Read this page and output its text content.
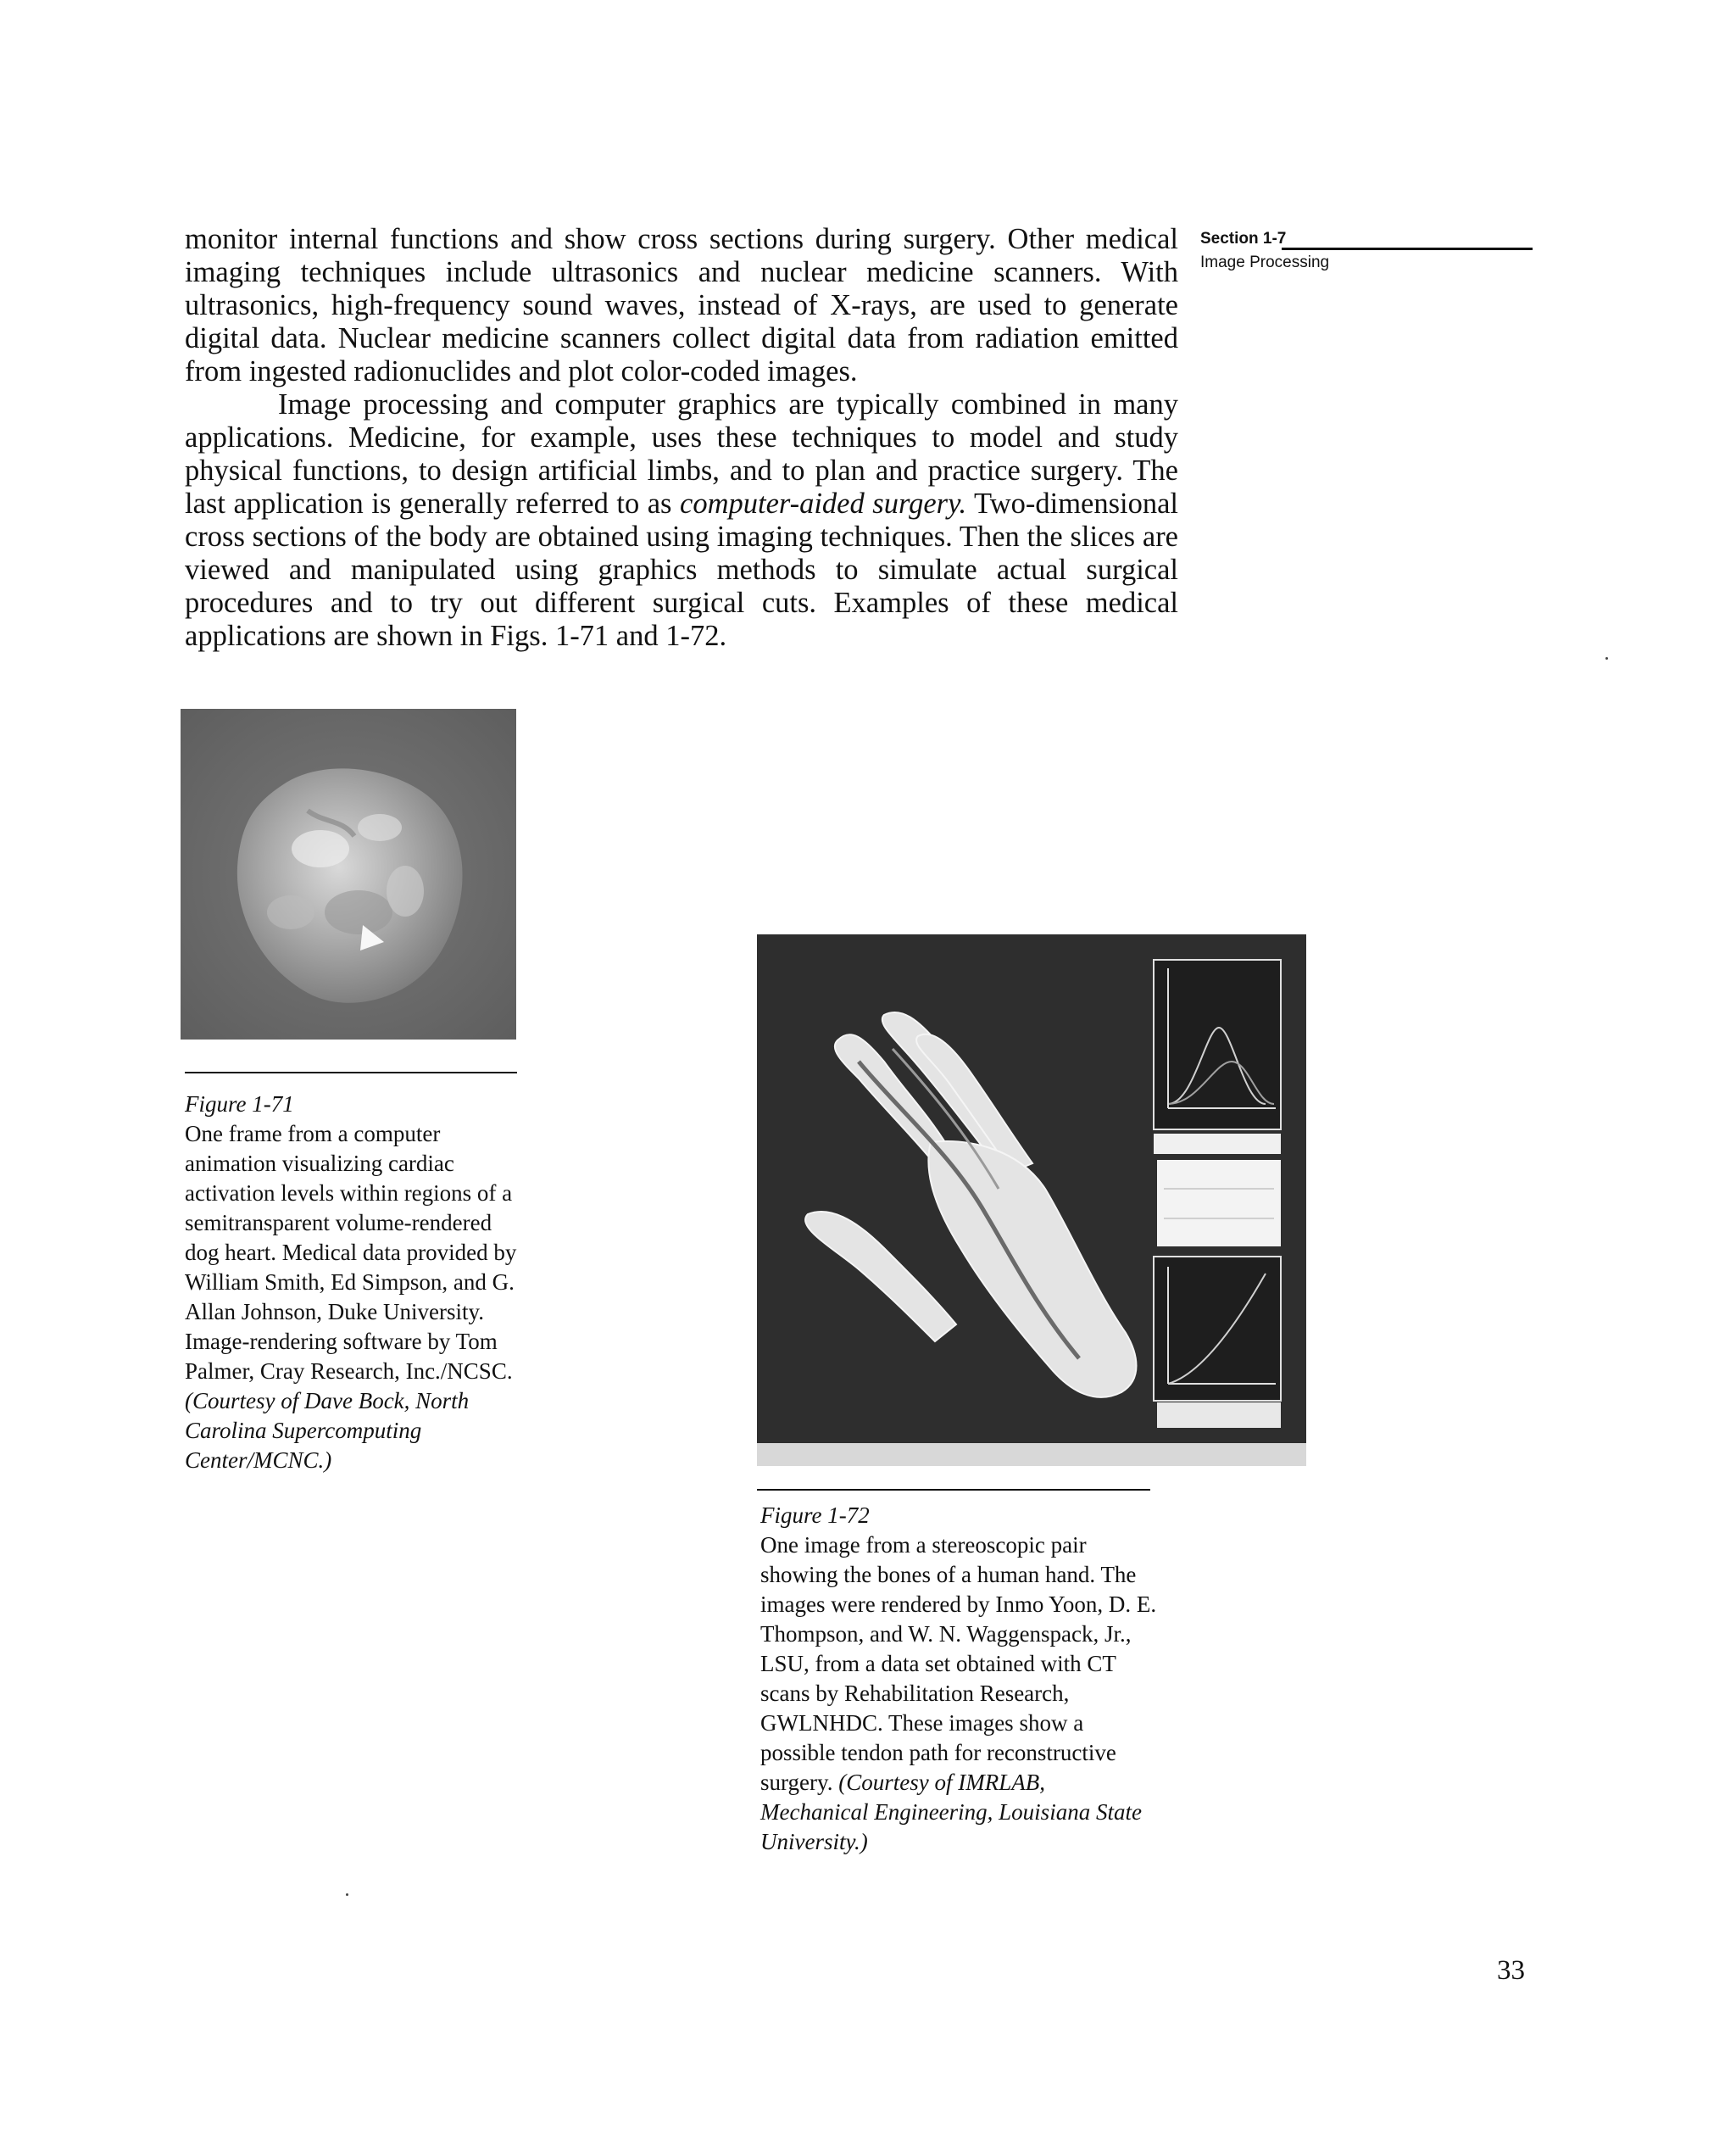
monitor internal functions and show cross sections during surgery. Other medical imaging techniques include ultrasonics and nuclear medicine scanners. With ultrasonics, high-frequency sound waves, instead of X-rays, are used to generate digital data. Nuclear medicine scanners collect digital data from radiation emitted from ingested radionuclides and plot color-coded images.

Image processing and computer graphics are typically combined in many applications. Medicine, for example, uses these techniques to model and study physical functions, to design artificial limbs, and to plan and practice surgery. The last application is generally referred to as computer-aided surgery. Two-dimensional cross sections of the body are obtained using imaging techniques. Then the slices are viewed and manipulated using graphics methods to simulate actual surgical procedures and to try out different surgical cuts. Examples of these medical applications are shown in Figs. 1-71 and 1-72.

Section 1-7
Image Processing
Figure 1-71
One frame from a computer animation visualizing cardiac activation levels within regions of a semitransparent volume-rendered dog heart. Medical data provided by William Smith, Ed Simpson, and G. Allan Johnson, Duke University. Image-rendering software by Tom Palmer, Cray Research, Inc./NCSC. (Courtesy of Dave Bock, North Carolina Supercomputing Center/MCNC.)
Figure 1-72
One image from a stereoscopic pair showing the bones of a human hand. The images were rendered by Inmo Yoon, D. E. Thompson, and W. N. Waggenspack, Jr., LSU, from a data set obtained with CT scans by Rehabilitation Research, GWLNHDC. These images show a possible tendon path for reconstructive surgery. (Courtesy of IMRLAB, Mechanical Engineering, Louisiana State University.)
33
